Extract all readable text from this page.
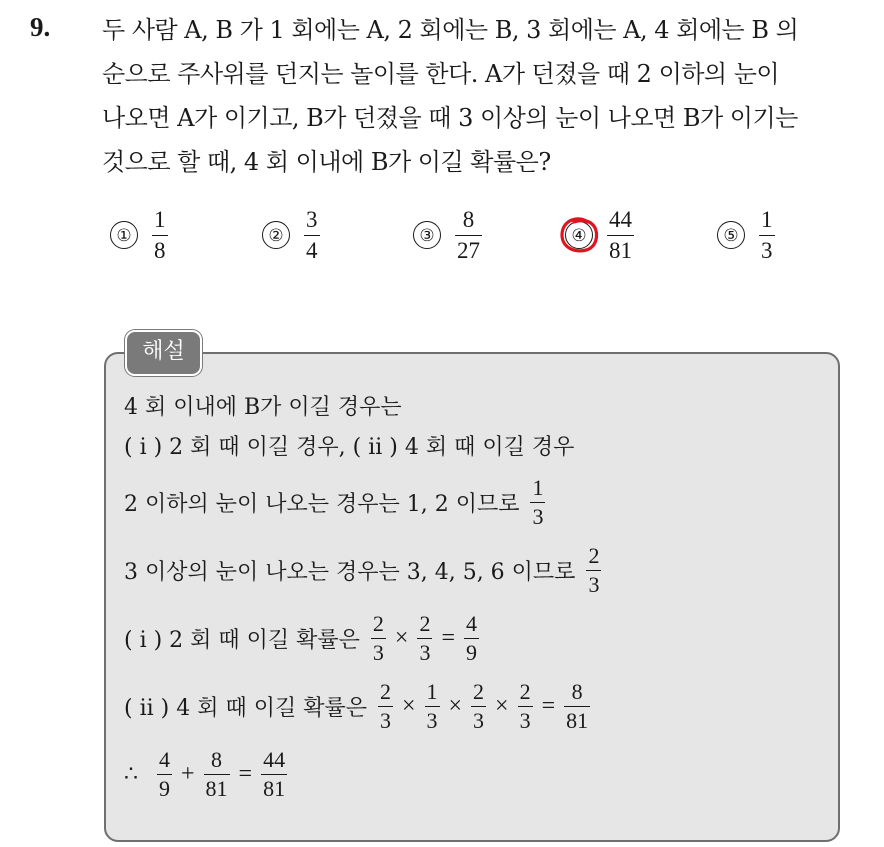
9. 두 사람 A, B 가 1 회에는 A, 2 회에는 B, 3 회에는 A, 4 회에는 B 의
순으로 주사위를 던지는 놀이를 한다. A가 던졌을 때 2 이하의 눈이
나오면 A가 이기고, B가 던졌을 때 3 이상의 눈이 나오면 B가 이기는
것으로 할 때, 4 회 이내에 B가 이길 확률은?
① $\frac{1}{8}$	② $\frac{3}{4}$	③ $\frac{8}{27}$	④ $\frac{44}{81}$	⑤ $\frac{1}{3}$
해설
4 회 이내에 B가 이길 경우는
( i ) 2 회 때 이길 경우, ( ii ) 4 회 때 이길 경우
2 이하의 눈이 나오는 경우는 1, 2 이므로 $\frac{1}{3}$
3 이상의 눈이 나오는 경우는 3, 4, 5, 6 이므로 $\frac{2}{3}$
( i ) 2 회 때 이길 확률은 $\frac{2}{3} \times \frac{2}{3} = \frac{4}{9}$
( ii ) 4 회 때 이길 확률은 $\frac{2}{3} \times \frac{1}{3} \times \frac{2}{3} \times \frac{2}{3} = \frac{8}{81}$
∴ $\frac{4}{9} + \frac{8}{81} = \frac{44}{81}$
